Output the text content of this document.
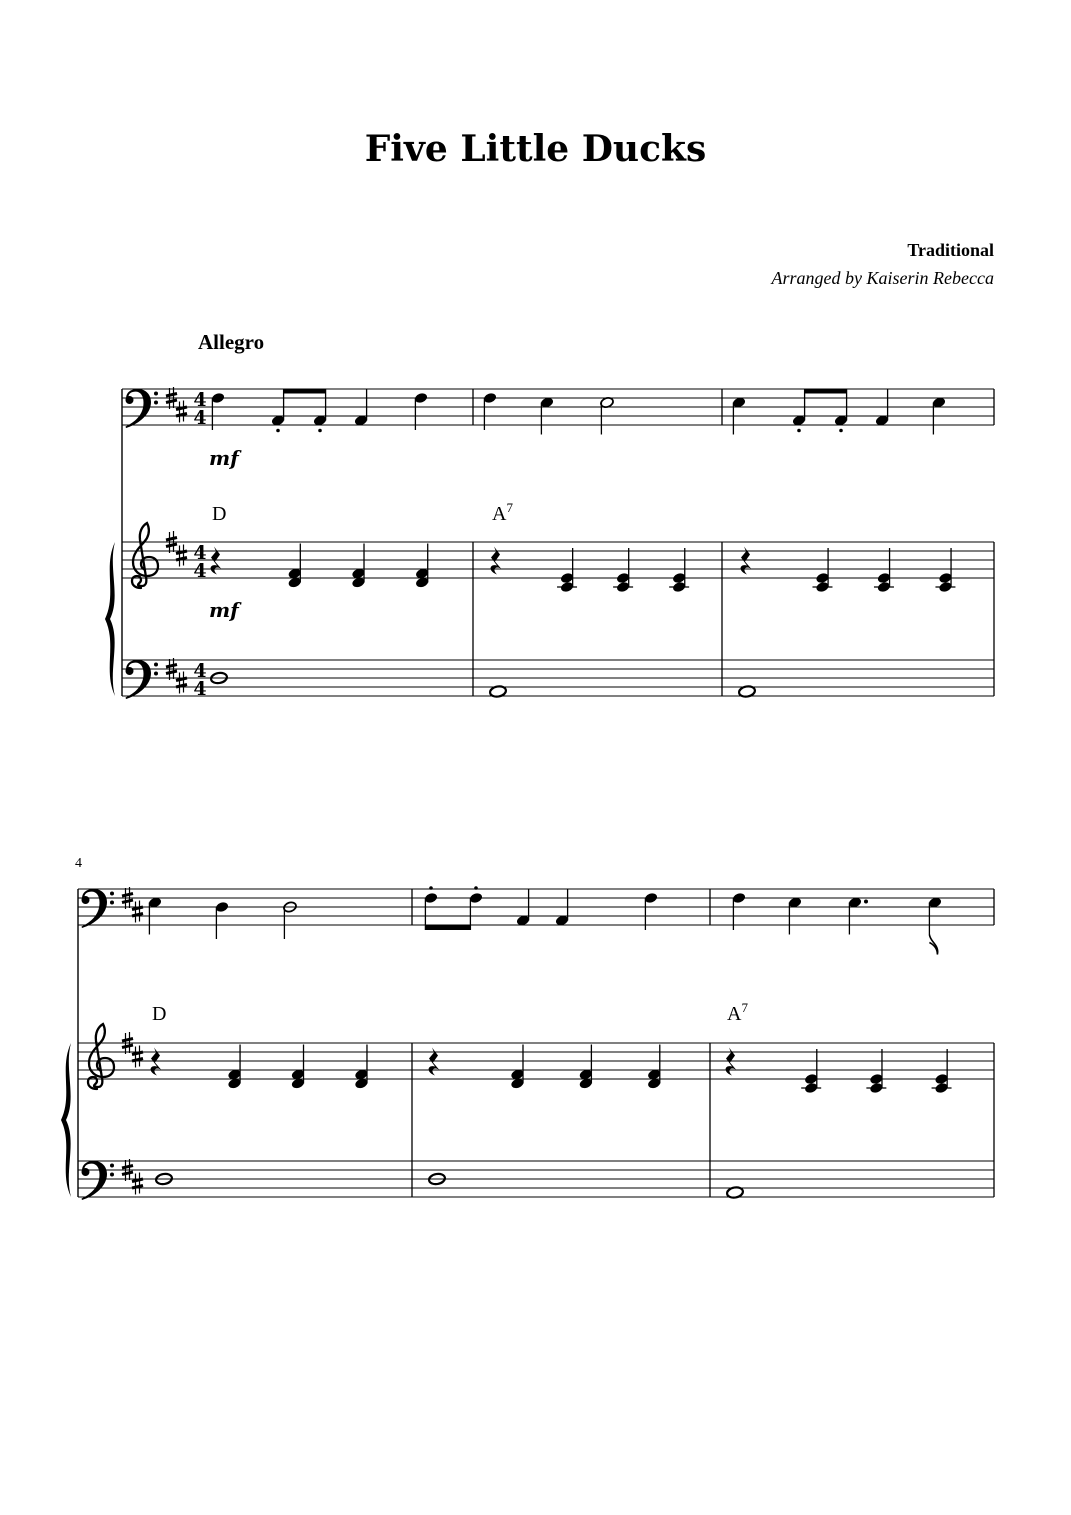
Five Little Ducks
Traditional
Arranged by Kaiserin Rebecca
Allegro
4
4
4
4
4
4
mf
mf
D	$A^7$
4
D	$A^7$
